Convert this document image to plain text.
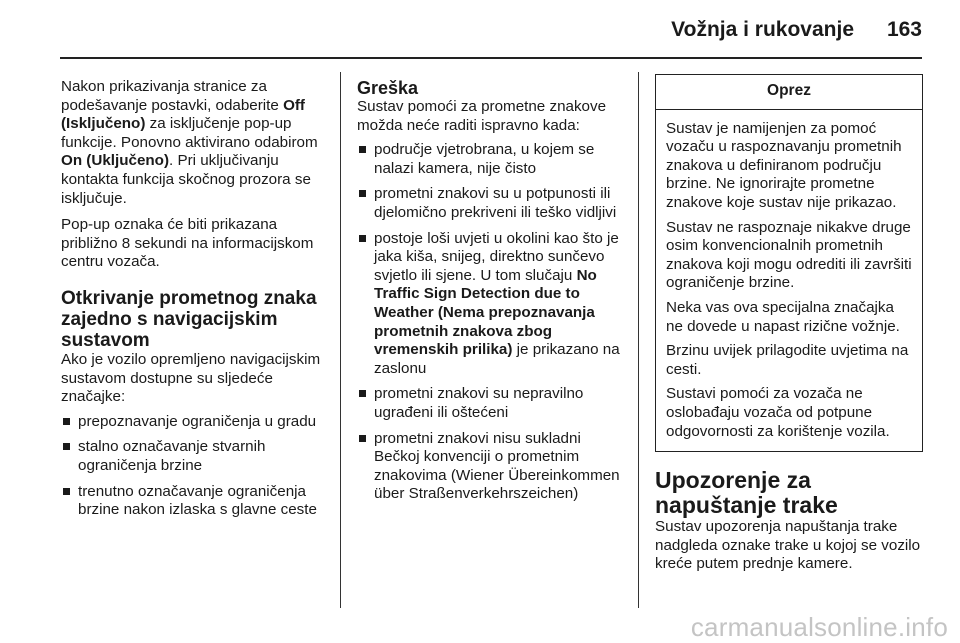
Vožnja i rukovanje	163

Nakon prikazivanja stranice za podešavanje postavki, odaberite Off (Isključeno) za isključenje pop-up funkcije. Ponovno aktivirano odabirom On (Uključeno). Pri uključivanju kontakta funkcija skočnog prozora se isključuje.

Pop-up oznaka će biti prikazana približno 8 sekundi na informacijskom centru vozača.

Otkrivanje prometnog znaka zajedno s navigacijskim sustavom

Ako je vozilo opremljeno navigacijskim sustavom dostupne su sljedeće značajke:

prepoznavanje ograničenja u gradu
stalno označavanje stvarnih ograničenja brzine
trenutno označavanje ograničenja brzine nakon izlaska s glavne ceste
Greška

Sustav pomoći za prometne znakove možda neće raditi ispravno kada:

područje vjetrobrana, u kojem se nalazi kamera, nije čisto
prometni znakovi su u potpunosti ili djelomično prekriveni ili teško vidljivi
postoje loši uvjeti u okolini kao što je jaka kiša, snijeg, direktno sunčevo svjetlo ili sjene. U tom slučaju No Traffic Sign Detection due to Weather (Nema prepoznavanja prometnih znakova zbog vremenskih prilika) je prikazano na zaslonu
prometni znakovi su nepravilno ugrađeni ili oštećeni
prometni znakovi nisu sukladni Bečkoj konvenciji o prometnim znakovima (Wiener Übereinkommen über Straßenverkehrszeichen)
Oprez

Sustav je namijenjen za pomoć vozaču u raspoznavanju prometnih znakova u definiranom području brzine. Ne ignorirajte prometne znakove koje sustav nije prikazao.

Sustav ne raspoznaje nikakve druge osim konvencionalnih prometnih znakova koji mogu odrediti ili završiti ograničenje brzine.

Neka vas ova specijalna značajka ne dovede u napast rizične vožnje.

Brzinu uvijek prilagodite uvjetima na cesti.

Sustavi pomoći za vozača ne oslobađaju vozača od potpune odgovornosti za korištenje vozila.

Upozorenje za napuštanje trake

Sustav upozorenja napuštanja trake nadgleda oznake trake u kojoj se vozilo kreće putem prednje kamere.

carmanualsonline.info
